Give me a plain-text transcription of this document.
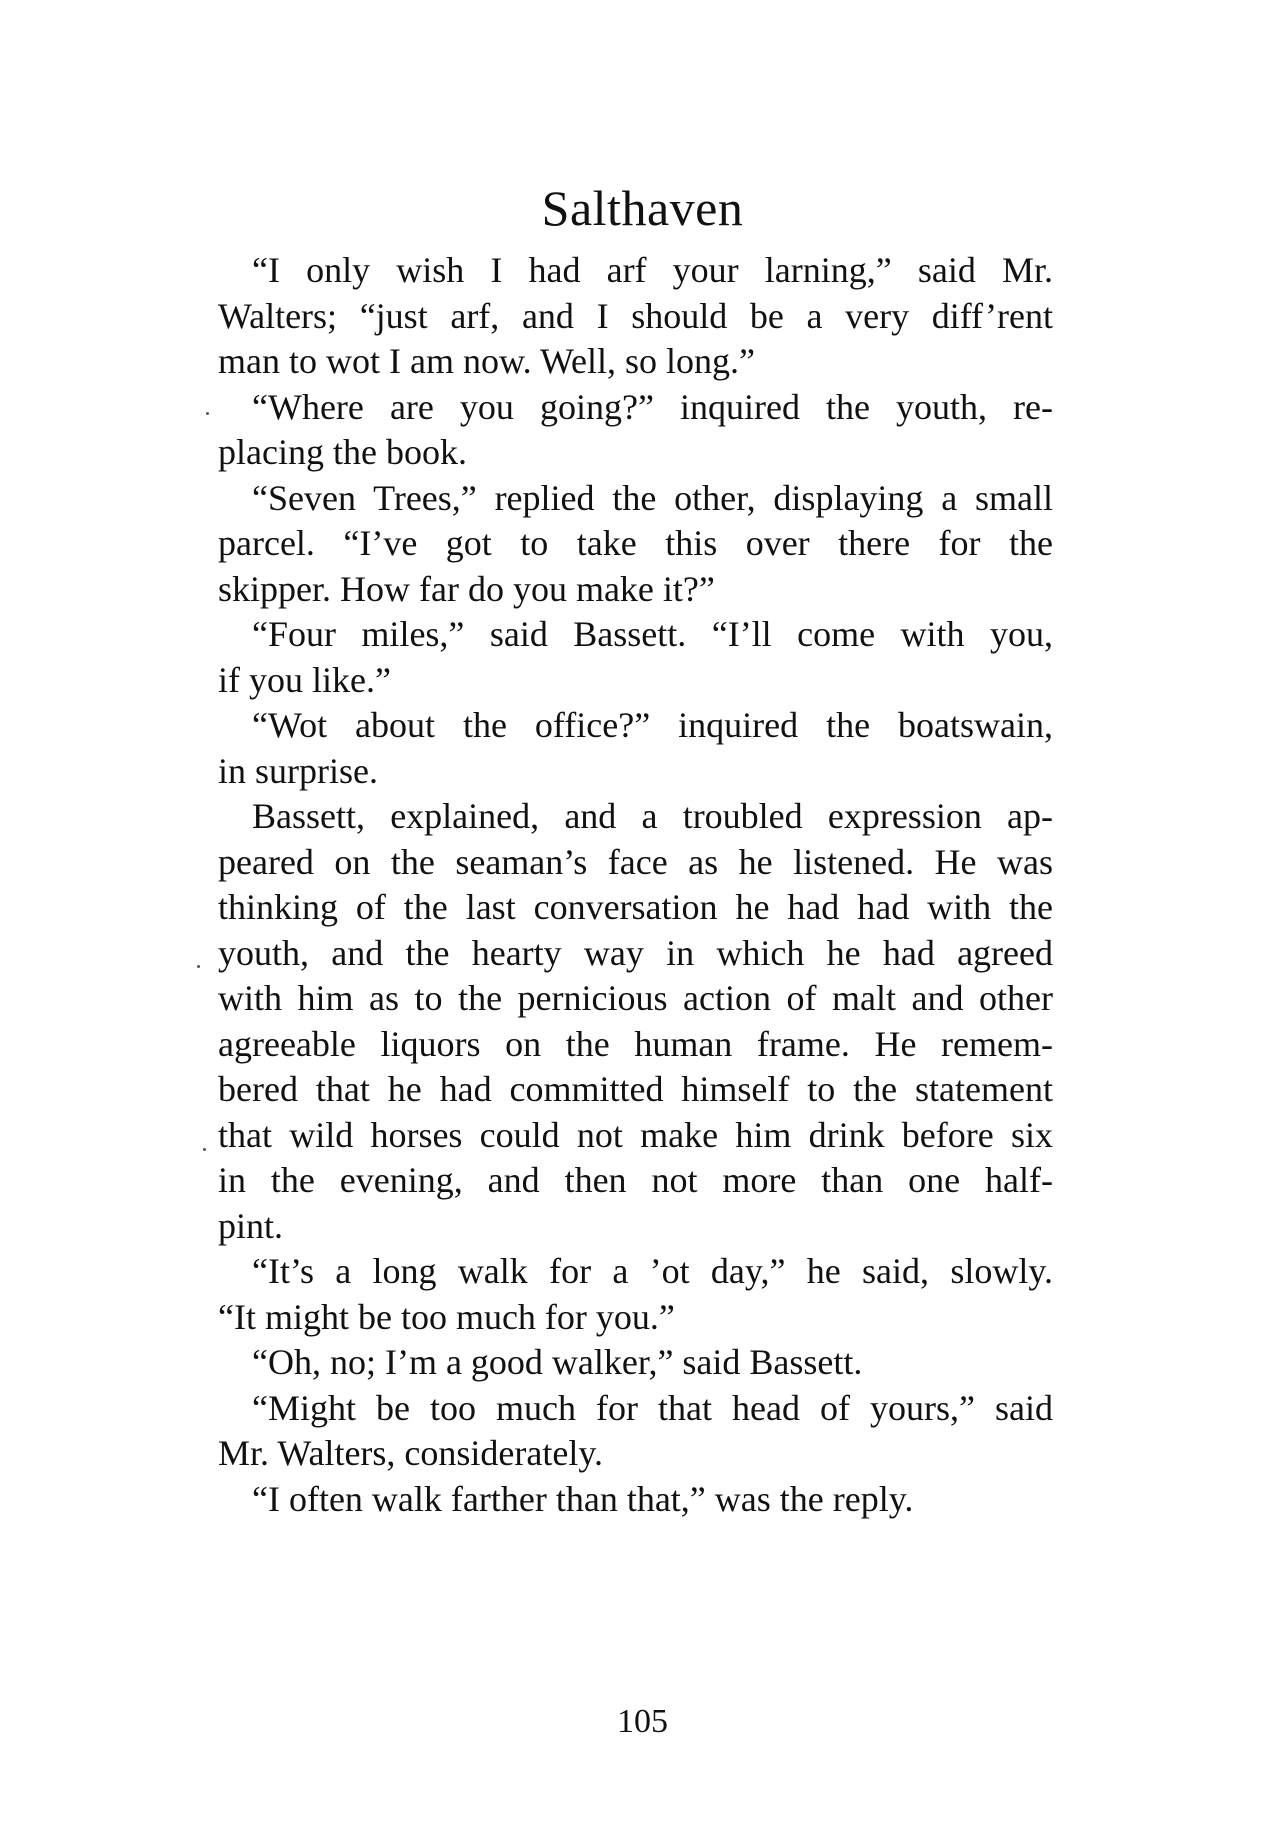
Salthaven
“I only wish I had arf your larning,” said Mr.
Walters; “just arf, and I should be a very diff’rent
man to wot I am now. Well, so long.”
“Where are you going?” inquired the youth, re-
placing the book.
“Seven Trees,” replied the other, displaying a small
parcel. “I’ve got to take this over there for the
skipper. How far do you make it?”
“Four miles,” said Bassett. “I’ll come with you,
if you like.”
“Wot about the office?” inquired the boatswain,
in surprise.
Bassett, explained, and a troubled expression ap-
peared on the seaman’s face as he listened. He was
thinking of the last conversation he had had with the
youth, and the hearty way in which he had agreed
with him as to the pernicious action of malt and other
agreeable liquors on the human frame. He remem-
bered that he had committed himself to the statement
that wild horses could not make him drink before six
in the evening, and then not more than one half-
pint.
“It’s a long walk for a ’ot day,” he said, slowly.
“It might be too much for you.”
“Oh, no; I’m a good walker,” said Bassett.
“Might be too much for that head of yours,” said
Mr. Walters, considerately.
“I often walk farther than that,” was the reply.
105
